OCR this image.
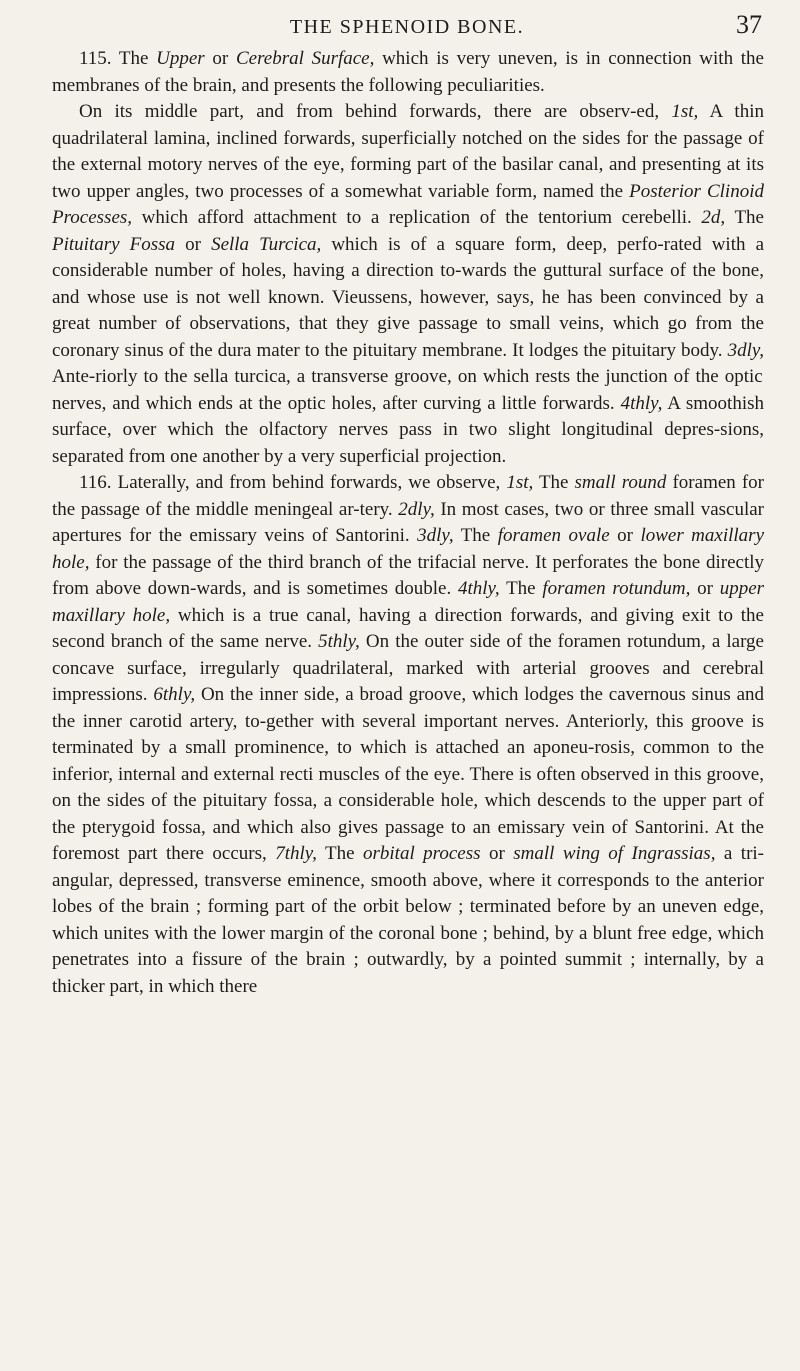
THE SPHENOID BONE.	37

115. The Upper or Cerebral Surface, which is very uneven, is in connection with the membranes of the brain, and presents the following peculiarities.

On its middle part, and from behind forwards, there are observ-ed, 1st, A thin quadrilateral lamina, inclined forwards, superficially notched on the sides for the passage of the external motory nerves of the eye, forming part of the basilar canal, and presenting at its two upper angles, two processes of a somewhat variable form, named the Posterior Clinoid Processes, which afford attachment to a replication of the tentorium cerebelli. 2d, The Pituitary Fossa or Sella Turcica, which is of a square form, deep, perfo-rated with a considerable number of holes, having a direction to-wards the guttural surface of the bone, and whose use is not well known. Vieussens, however, says, he has been convinced by a great number of observations, that they give passage to small veins, which go from the coronary sinus of the dura mater to the pituitary membrane. It lodges the pituitary body. 3dly, Ante-riorly to the sella turcica, a transverse groove, on which rests the junction of the optic nerves, and which ends at the optic holes, after curving a little forwards. 4thly, A smoothish surface, over which the olfactory nerves pass in two slight longitudinal depres-sions, separated from one another by a very superficial projection.

116. Laterally, and from behind forwards, we observe, 1st, The small round foramen for the passage of the middle meningeal ar-tery. 2dly, In most cases, two or three small vascular apertures for the emissary veins of Santorini. 3dly, The foramen ovale or lower maxillary hole, for the passage of the third branch of the trifacial nerve. It perforates the bone directly from above down-wards, and is sometimes double. 4thly, The foramen rotundum, or upper maxillary hole, which is a true canal, having a direction forwards, and giving exit to the second branch of the same nerve. 5thly, On the outer side of the foramen rotundum, a large concave surface, irregularly quadrilateral, marked with arterial grooves and cerebral impressions. 6thly, On the inner side, a broad groove, which lodges the cavernous sinus and the inner carotid artery, to-gether with several important nerves. Anteriorly, this groove is terminated by a small prominence, to which is attached an aponeu-rosis, common to the inferior, internal and external recti muscles of the eye. There is often observed in this groove, on the sides of the pituitary fossa, a considerable hole, which descends to the upper part of the pterygoid fossa, and which also gives passage to an emissary vein of Santorini. At the foremost part there occurs, 7thly, The orbital process or small wing of Ingrassias, a tri-angular, depressed, transverse eminence, smooth above, where it corresponds to the anterior lobes of the brain ; forming part of the orbit below ; terminated before by an uneven edge, which unites with the lower margin of the coronal bone ; behind, by a blunt free edge, which penetrates into a fissure of the brain ; outwardly, by a pointed summit ; internally, by a thicker part, in which there
